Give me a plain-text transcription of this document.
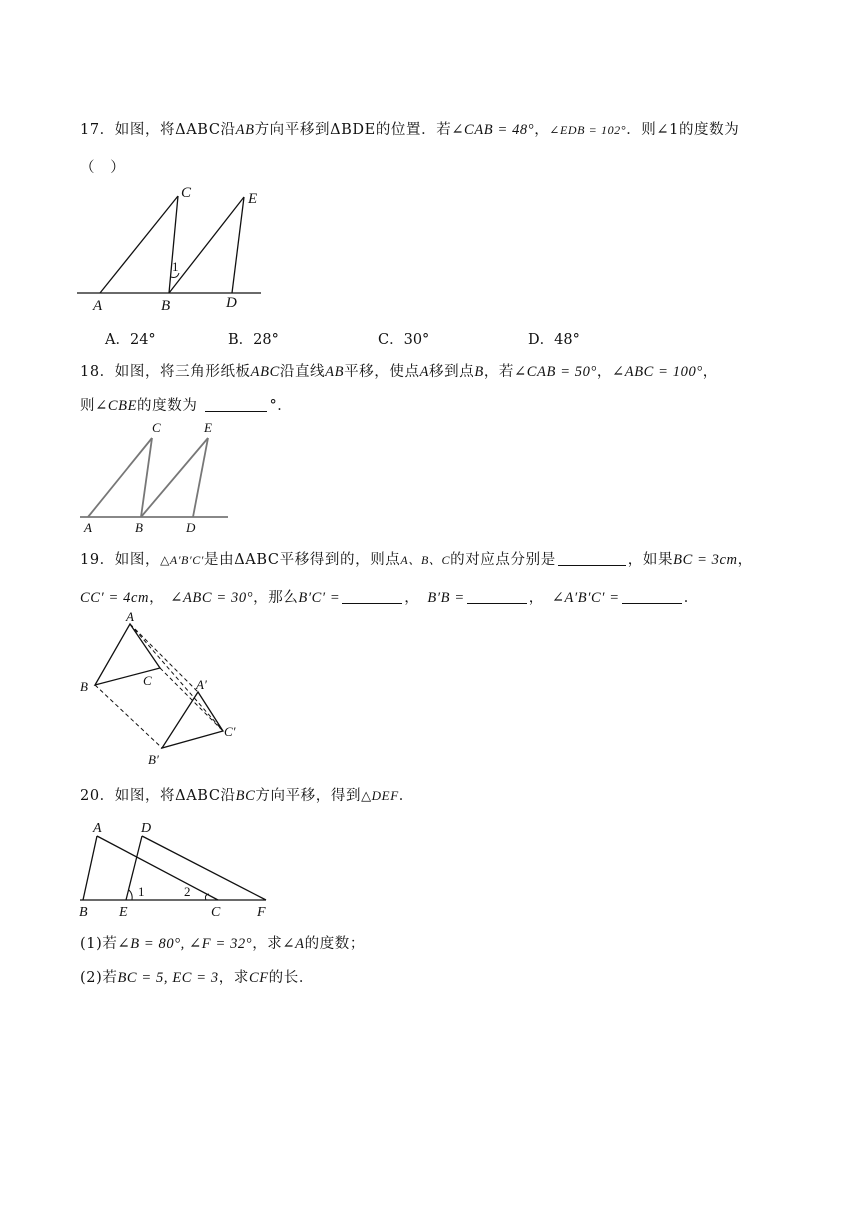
17．如图，将ΔABC沿AB方向平移到ΔBDE的位置．若∠CAB = 48°，∠EDB = 102°．则∠1的度数为
（　）
C	E
1
A	B	D
A．24°	B．28°	C．30°	D．48°
18．如图，将三角形纸板ABC沿直线AB平移，使点A移到点B，若∠CAB = 50°，∠ABC = 100°，
则∠CBE的度数为	°．
C	E
A	B	D
19．如图，△A′B′C′是由ΔABC平移得到的，则点A、B、C的对应点分别是	，如果BC = 3cm，
CC′ = 4cm， ∠ABC = 30°，那么B′C′ =	， B′B =	， ∠A′B′C′ =	．
A
B	C	A′
B′
C′
20．如图，将ΔABC沿BC方向平移，得到△DEF．
A	D
1	2
B E	C	F
(1)若∠B = 80°, ∠F = 32°，求∠A的度数；
(2)若BC = 5, EC = 3，求CF的长．
